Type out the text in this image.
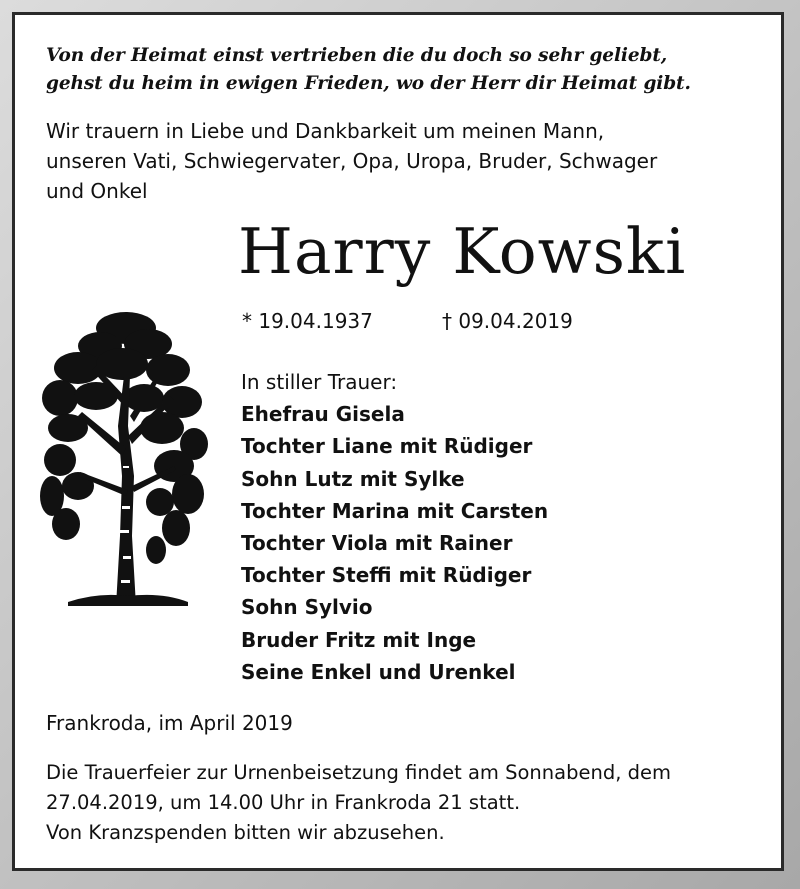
Von der Heimat einst vertrieben die du doch so sehr geliebt,
gehst du heim in ewigen Frieden, wo der Herr dir Heimat gibt.
Wir trauern in Liebe und Dankbarkeit um meinen Mann,
unseren Vati, Schwiegervater, Opa, Uropa, Bruder, Schwager
und Onkel
Harry Kowski
* 19.04.1937	† 09.04.2019
In stiller Trauer:
Ehefrau Gisela
Tochter Liane mit Rüdiger
Sohn Lutz mit Sylke
Tochter Marina mit Carsten
Tochter Viola mit Rainer
Tochter Steffi mit Rüdiger
Sohn Sylvio
Bruder Fritz mit Inge
Seine Enkel und Urenkel
Frankroda, im April 2019
Die Trauerfeier zur Urnenbeisetzung findet am Sonnabend, dem
27.04.2019, um 14.00 Uhr in Frankroda 21 statt.
Von Kranzspenden bitten wir abzusehen.
